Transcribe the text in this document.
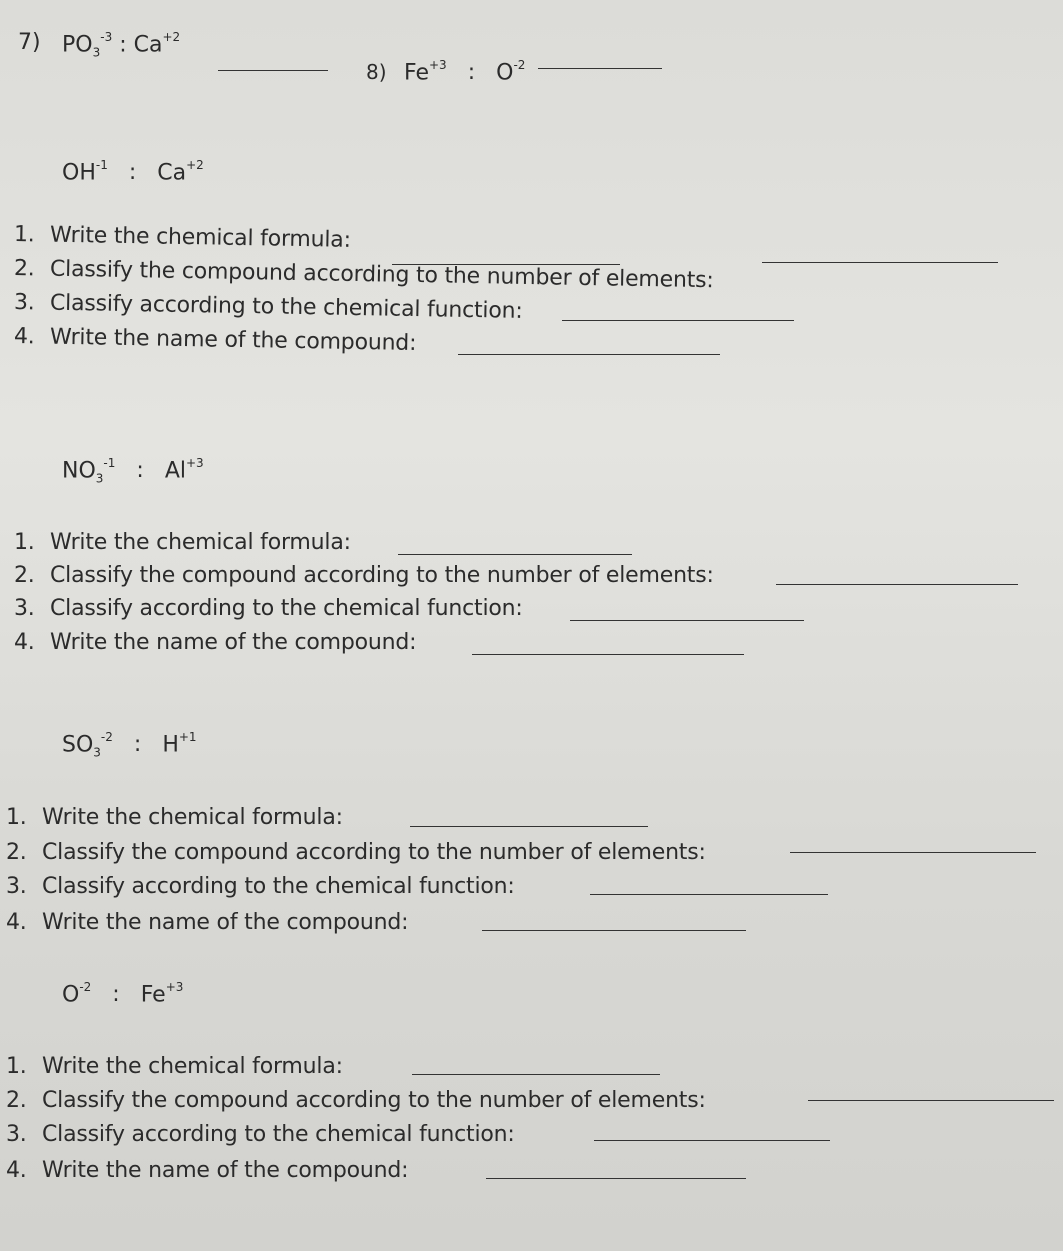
7) $PO_3^{-3}$ : $Ca^{+2}$
8) $Fe^{+3}$ : $O^{-2}$
$OH^{-1}$ : $Ca^{+2}$
1. Write the chemical formula:
2. Classify the compound according to the number of elements:
3. Classify according to the chemical function:
4. Write the name of the compound:
$NO_3^{-1}$ : $Al^{+3}$
1. Write the chemical formula:
2. Classify the compound according to the number of elements:
3. Classify according to the chemical function:
4. Write the name of the compound:
$SO_3^{-2}$ : $H^{+1}$
1. Write the chemical formula:
2. Classify the compound according to the number of elements:
3. Classify according to the chemical function:
4. Write the name of the compound:
$O^{-2}$ : $Fe^{+3}$
1. Write the chemical formula:
2. Classify the compound according to the number of elements:
3. Classify according to the chemical function:
4. Write the name of the compound:
